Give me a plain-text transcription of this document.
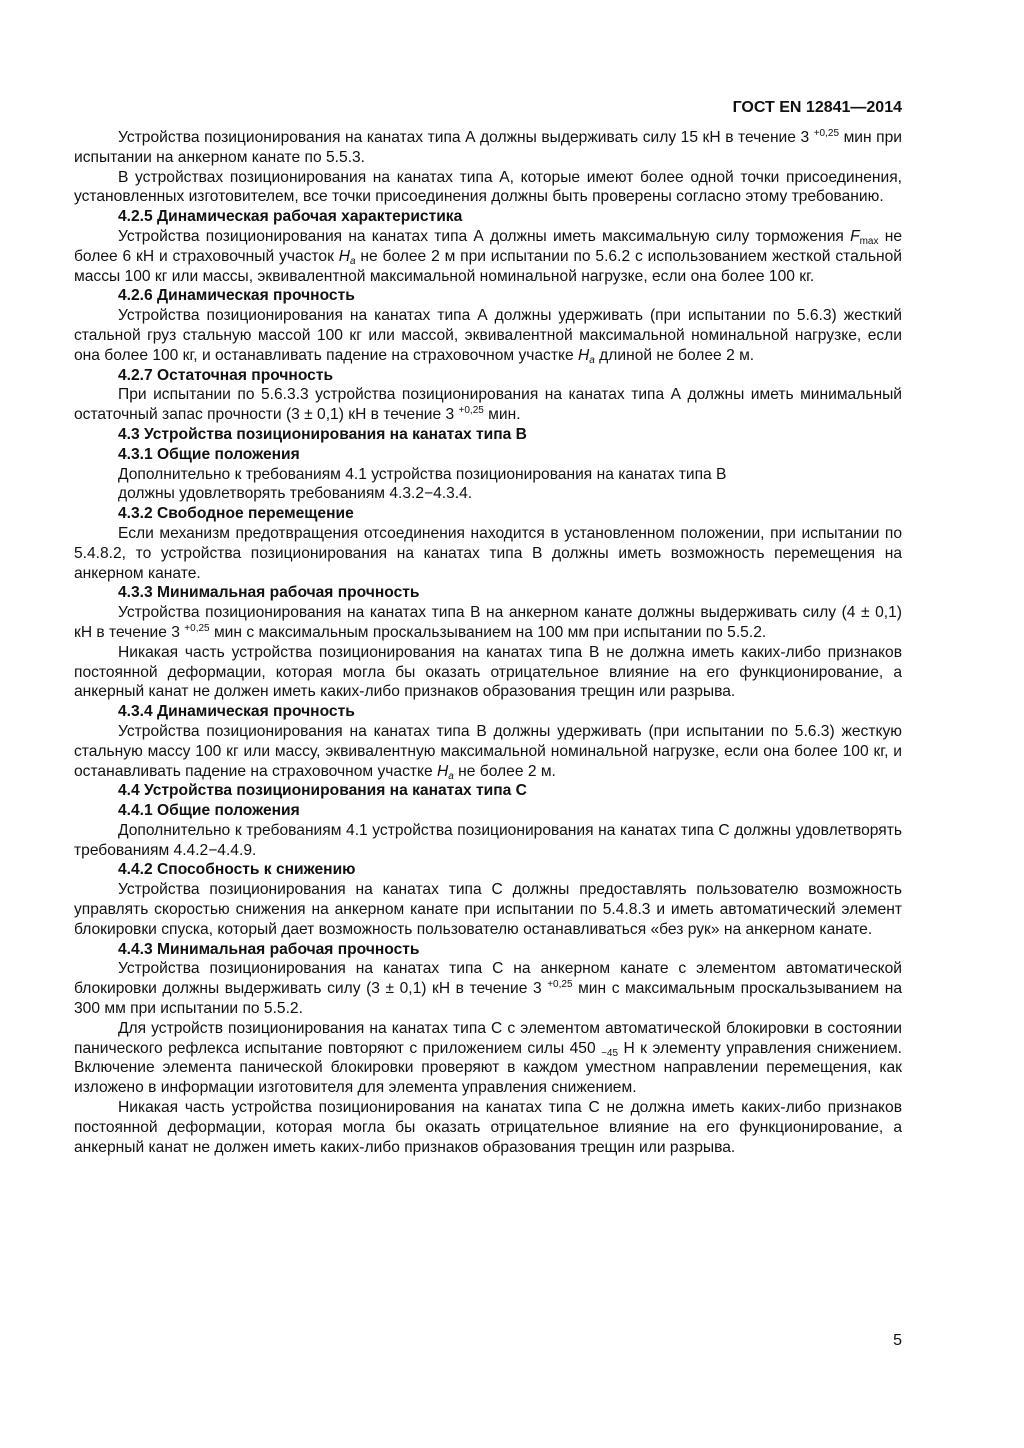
ГОСТ EN 12841—2014

Устройства позиционирования на канатах типа А должны выдерживать силу 15 кН в течение 3 $^{+0,25}$ мин при испытании на анкерном канате по 5.5.3.

В устройствах позиционирования на канатах типа А, которые имеют более одной точки присоединения, установленных изготовителем, все точки присоединения должны быть проверены согласно этому требованию.

4.2.5 Динамическая рабочая характеристика

Устройства позиционирования на канатах типа А должны иметь максимальную силу торможения $F_{max}$ не более 6 кН и страховочный участок $H_a$ не более 2 м при испытании по 5.6.2 с использованием жесткой стальной массы 100 кг или массы, эквивалентной максимальной номинальной нагрузке, если она более 100 кг.

4.2.6 Динамическая прочность

Устройства позиционирования на канатах типа А должны удерживать (при испытании по 5.6.3) жесткий стальной груз стальную массой 100 кг или массой, эквивалентной максимальной номинальной нагрузке, если она более 100 кг, и останавливать падение на страховочном участке $H_a$ длиной не более 2 м.

4.2.7 Остаточная прочность

При испытании по 5.6.3.3 устройства позиционирования на канатах типа А должны иметь минимальный остаточный запас прочности (3 ± 0,1) кН в течение 3 $^{+0,25}$ мин.

4.3 Устройства позиционирования на канатах типа В

4.3.1 Общие положения

Дополнительно к требованиям 4.1 устройства позиционирования на канатах типа В

должны удовлетворять требованиям 4.3.2−4.3.4.

4.3.2 Свободное перемещение

Если механизм предотвращения отсоединения находится в установленном положении, при испытании по 5.4.8.2, то устройства позиционирования на канатах типа В должны иметь возможность перемещения на анкерном канате.

4.3.3 Минимальная рабочая прочность

Устройства позиционирования на канатах типа В на анкерном канате должны выдерживать силу (4 ± 0,1) кН в течение 3 $^{+0,25}$ мин с максимальным проскальзыванием на 100 мм при испытании по 5.5.2.

Никакая часть устройства позиционирования на канатах типа В не должна иметь каких-либо признаков постоянной деформации, которая могла бы оказать отрицательное влияние на его функционирование, а анкерный канат не должен иметь каких-либо признаков образования трещин или разрыва.

4.3.4 Динамическая прочность

Устройства позиционирования на канатах типа В должны удерживать (при испытании по 5.6.3) жесткую стальную массу 100 кг или массу, эквивалентную максимальной номинальной нагрузке, если она более 100 кг, и останавливать падение на страховочном участке $H_a$ не более 2 м.

4.4 Устройства позиционирования на канатах типа С

4.4.1 Общие положения

Дополнительно к требованиям 4.1 устройства позиционирования на канатах типа С должны удовлетворять требованиям 4.4.2−4.4.9.

4.4.2 Способность к снижению

Устройства позиционирования на канатах типа С должны предоставлять пользователю возможность управлять скоростью снижения на анкерном канате при испытании по 5.4.8.3 и иметь автоматический элемент блокировки спуска, который дает возможность пользователю останавливаться «без рук» на анкерном канате.

4.4.3 Минимальная рабочая прочность

Устройства позиционирования на канатах типа С на анкерном канате с элементом автоматической блокировки должны выдерживать силу (3 ± 0,1) кН в течение 3 $^{+0,25}$ мин с максимальным проскальзыванием на 300 мм при испытании по 5.5.2.

Для устройств позиционирования на канатах типа С с элементом автоматической блокировки в состоянии панического рефлекса испытание повторяют с приложением силы 450 $_{-45}$ Н к элементу управления снижением. Включение элемента панической блокировки проверяют в каждом уместном направлении перемещения, как изложено в информации изготовителя для элемента управления снижением.

Никакая часть устройства позиционирования на канатах типа С не должна иметь каких-либо признаков постоянной деформации, которая могла бы оказать отрицательное влияние на его функционирование, а анкерный канат не должен иметь каких-либо признаков образования трещин или разрыва.

5
